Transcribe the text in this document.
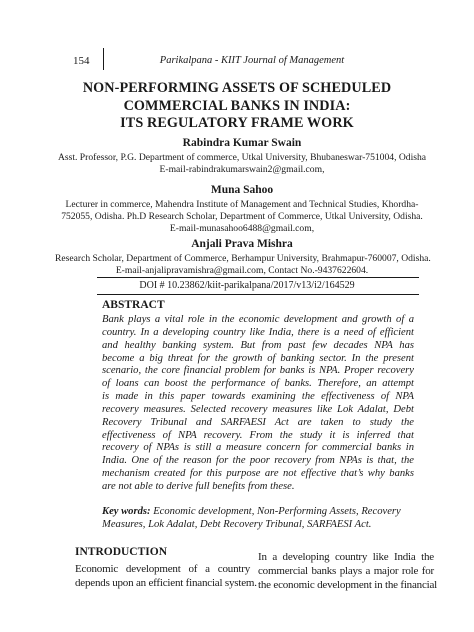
154	Parikalpana - KIIT Journal of Management
NON-PERFORMING ASSETS OF SCHEDULED
COMMERCIAL BANKS IN INDIA:
ITS REGULATORY FRAME WORK
Rabindra Kumar Swain
Asst. Professor, P.G. Department of commerce, Utkal University, Bhubaneswar-751004, Odisha
E-mail-rabindrakumarswain2@gmail.com,
Muna Sahoo
Lecturer in commerce, Mahendra Institute of Management and Technical Studies, Khordha-
752055, Odisha. Ph.D Research Scholar, Department of Commerce, Utkal University, Odisha.
E-mail-munasahoo6488@gmail.com,
Anjali Prava Mishra
Research Scholar, Department of Commerce, Berhampur University, Brahmapur-760007, Odisha.
E-mail-anjalipravamishra@gmail.com, Contact No.-9437622604.
DOI # 10.23862/kiit-parikalpana/2017/v13/i2/164529
ABSTRACT
Bank plays a vital role in the economic development and growth of a
country. In a developing country like India, there is a need of efficient
and healthy banking system. But from past few decades NPA has
become a big threat for the growth of banking sector. In the present
scenario, the core financial problem for banks is NPA. Proper recovery
of loans can boost the performance of banks. Therefore, an attempt
is made in this paper towards examining the effectiveness of NPA
recovery measures. Selected recovery measures like Lok Adalat, Debt
Recovery Tribunal and SARFAESI Act are taken to study the
effectiveness of NPA recovery. From the study it is inferred that
recovery of NPAs is still a measure concern for commercial banks in
India. One of the reason for the poor recovery from NPAs is that, the
mechanism created for this purpose are not effective that’s why banks
are not able to derive full benefits from these.
Key words: Economic development, Non-Performing Assets, Recovery
Measures, Lok Adalat, Debt Recovery Tribunal, SARFAESI Act.
INTRODUCTION
Economic development of a country
depends upon an efficient financial system.
In a developing country like India the
commercial banks plays a major role for
the economic development in the financial
